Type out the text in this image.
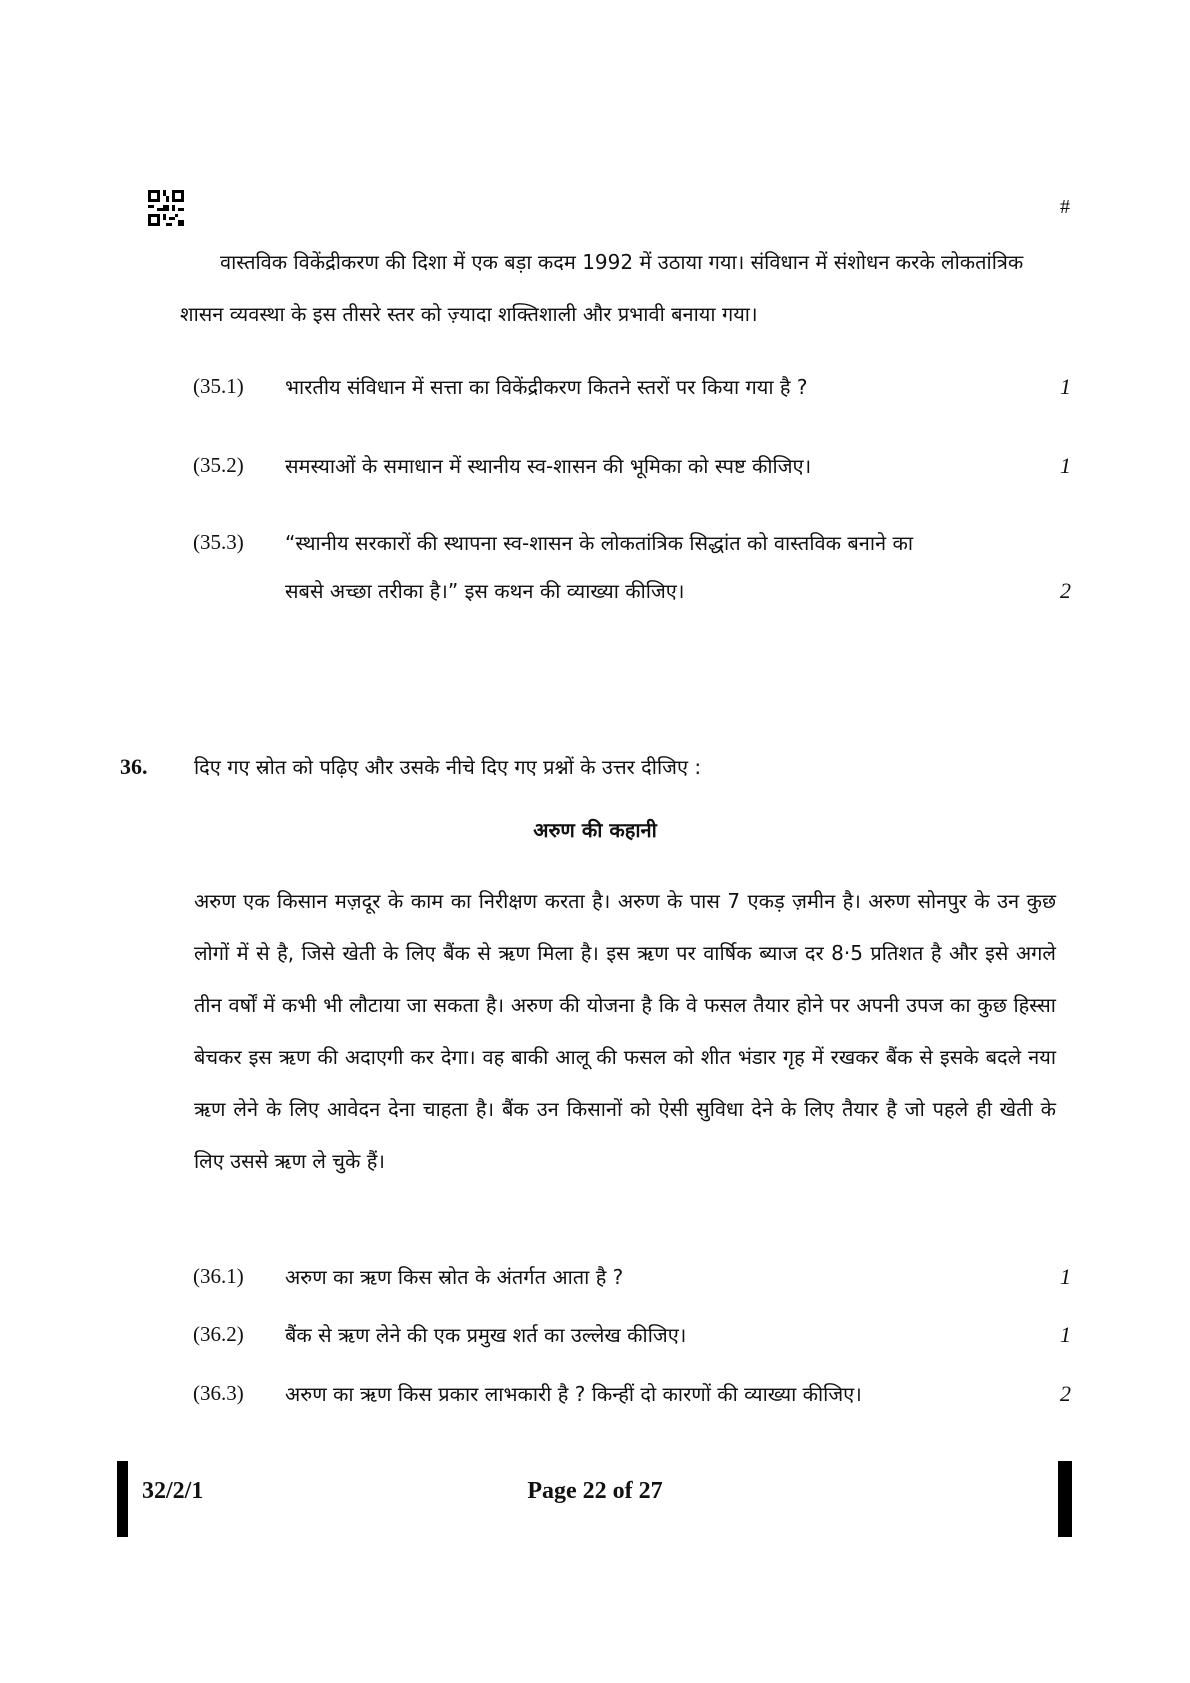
#
वास्तविक विकेंद्रीकरण की दिशा में एक बड़ा कदम 1992 में उठाया गया। संविधान में संशोधन करके लोकतांत्रिक शासन व्यवस्था के इस तीसरे स्तर को ज़्यादा शक्तिशाली और प्रभावी बनाया गया।
(35.1) भारतीय संविधान में सत्ता का विकेंद्रीकरण कितने स्तरों पर किया गया है ?	1
(35.2) समस्याओं के समाधान में स्थानीय स्व-शासन की भूमिका को स्पष्ट कीजिए।	1
(35.3) “स्थानीय सरकारों की स्थापना स्व-शासन के लोकतांत्रिक सिद्धांत को वास्तविक बनाने का
सबसे अच्छा तरीका है।” इस कथन की व्याख्या कीजिए।	2
36. दिए गए स्रोत को पढ़िए और उसके नीचे दिए गए प्रश्नों के उत्तर दीजिए :
अरुण की कहानी
अरुण एक किसान मज़दूर के काम का निरीक्षण करता है। अरुण के पास 7 एकड़ ज़मीन है। अरुण सोनपुर के उन कुछ लोगों में से है, जिसे खेती के लिए बैंक से ऋण मिला है। इस ऋण पर वार्षिक ब्याज दर 8·5 प्रतिशत है और इसे अगले तीन वर्षों में कभी भी लौटाया जा सकता है। अरुण की योजना है कि वे फसल तैयार होने पर अपनी उपज का कुछ हिस्सा बेचकर इस ऋण की अदाएगी कर देगा। वह बाकी आलू की फसल को शीत भंडार गृह में रखकर बैंक से इसके बदले नया ऋण लेने के लिए आवेदन देना चाहता है। बैंक उन किसानों को ऐसी सुविधा देने के लिए तैयार है जो पहले ही खेती के लिए उससे ऋण ले चुके हैं।
(36.1) अरुण का ऋण किस स्रोत के अंतर्गत आता है ?	1
(36.2) बैंक से ऋण लेने की एक प्रमुख शर्त का उल्लेख कीजिए।	1
(36.3) अरुण का ऋण किस प्रकार लाभकारी है ? किन्हीं दो कारणों की व्याख्या कीजिए।	2
32/2/1	Page 22 of 27
